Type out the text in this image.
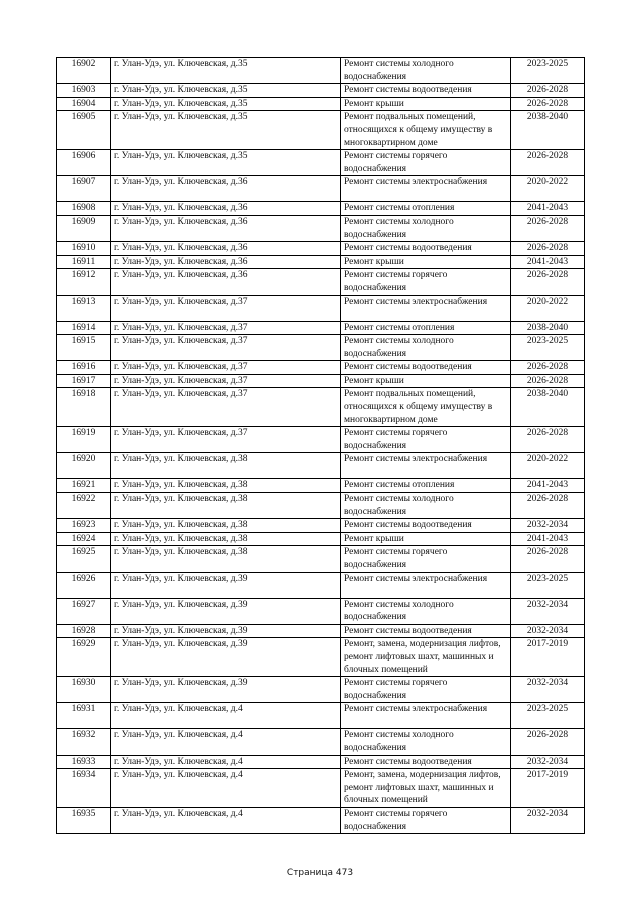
16902	г. Улан-Удэ, ул. Ключевская, д.35	Ремонт системы холодного водоснабжения	2023-2025
16903	г. Улан-Удэ, ул. Ключевская, д.35	Ремонт системы водоотведения	2026-2028
16904	г. Улан-Удэ, ул. Ключевская, д.35	Ремонт крыши	2026-2028
16905	г. Улан-Удэ, ул. Ключевская, д.35	Ремонт подвальных помещений, относящихся к общему имуществу в многоквартирном доме	2038-2040
16906	г. Улан-Удэ, ул. Ключевская, д.35	Ремонт системы горячего водоснабжения	2026-2028
16907	г. Улан-Удэ, ул. Ключевская, д.36	Ремонт системы электроснабжения	2020-2022
16908	г. Улан-Удэ, ул. Ключевская, д.36	Ремонт системы отопления	2041-2043
16909	г. Улан-Удэ, ул. Ключевская, д.36	Ремонт системы холодного водоснабжения	2026-2028
16910	г. Улан-Удэ, ул. Ключевская, д.36	Ремонт системы водоотведения	2026-2028
16911	г. Улан-Удэ, ул. Ключевская, д.36	Ремонт крыши	2041-2043
16912	г. Улан-Удэ, ул. Ключевская, д.36	Ремонт системы горячего водоснабжения	2026-2028
16913	г. Улан-Удэ, ул. Ключевская, д.37	Ремонт системы электроснабжения	2020-2022
16914	г. Улан-Удэ, ул. Ключевская, д.37	Ремонт системы отопления	2038-2040
16915	г. Улан-Удэ, ул. Ключевская, д.37	Ремонт системы холодного водоснабжения	2023-2025
16916	г. Улан-Удэ, ул. Ключевская, д.37	Ремонт системы водоотведения	2026-2028
16917	г. Улан-Удэ, ул. Ключевская, д.37	Ремонт крыши	2026-2028
16918	г. Улан-Удэ, ул. Ключевская, д.37	Ремонт подвальных помещений, относящихся к общему имуществу в многоквартирном доме	2038-2040
16919	г. Улан-Удэ, ул. Ключевская, д.37	Ремонт системы горячего водоснабжения	2026-2028
16920	г. Улан-Удэ, ул. Ключевская, д.38	Ремонт системы электроснабжения	2020-2022
16921	г. Улан-Удэ, ул. Ключевская, д.38	Ремонт системы отопления	2041-2043
16922	г. Улан-Удэ, ул. Ключевская, д.38	Ремонт системы холодного водоснабжения	2026-2028
16923	г. Улан-Удэ, ул. Ключевская, д.38	Ремонт системы водоотведения	2032-2034
16924	г. Улан-Удэ, ул. Ключевская, д.38	Ремонт крыши	2041-2043
16925	г. Улан-Удэ, ул. Ключевская, д.38	Ремонт системы горячего водоснабжения	2026-2028
16926	г. Улан-Удэ, ул. Ключевская, д.39	Ремонт системы электроснабжения	2023-2025
16927	г. Улан-Удэ, ул. Ключевская, д.39	Ремонт системы холодного водоснабжения	2032-2034
16928	г. Улан-Удэ, ул. Ключевская, д.39	Ремонт системы водоотведения	2032-2034
16929	г. Улан-Удэ, ул. Ключевская, д.39	Ремонт, замена, модернизация лифтов, ремонт лифтовых шахт, машинных и блочных помещений	2017-2019
16930	г. Улан-Удэ, ул. Ключевская, д.39	Ремонт системы горячего водоснабжения	2032-2034
16931	г. Улан-Удэ, ул. Ключевская, д.4	Ремонт системы электроснабжения	2023-2025
16932	г. Улан-Удэ, ул. Ключевская, д.4	Ремонт системы холодного водоснабжения	2026-2028
16933	г. Улан-Удэ, ул. Ключевская, д.4	Ремонт системы водоотведения	2032-2034
16934	г. Улан-Удэ, ул. Ключевская, д.4	Ремонт, замена, модернизация лифтов, ремонт лифтовых шахт, машинных и блочных помещений	2017-2019
16935	г. Улан-Удэ, ул. Ключевская, д.4	Ремонт системы горячего водоснабжения	2032-2034
Страница 473
